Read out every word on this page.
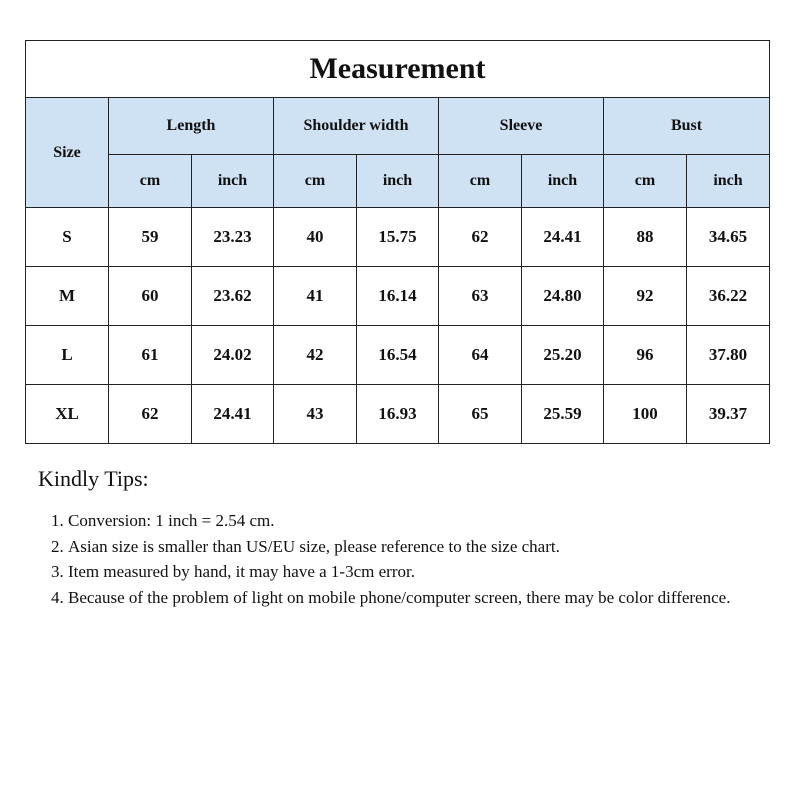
Measurement								
Size	Length		Shoulder width		Sleeve		Bust	
	cm	inch	cm	inch	cm	inch	cm	inch
S	59	23.23	40	15.75	62	24.41	88	34.65
M	60	23.62	41	16.14	63	24.80	92	36.22
L	61	24.02	42	16.54	64	25.20	96	37.80
XL	62	24.41	43	16.93	65	25.59	100	39.37

Kindly Tips:

1. Conversion: 1 inch = 2.54 cm.
2. Asian size is smaller than US/EU size, please reference to the size chart.
3. Item measured by hand, it may have a 1-3cm error.
4. Because of the problem of light on mobile phone/computer screen, there may be color difference.
